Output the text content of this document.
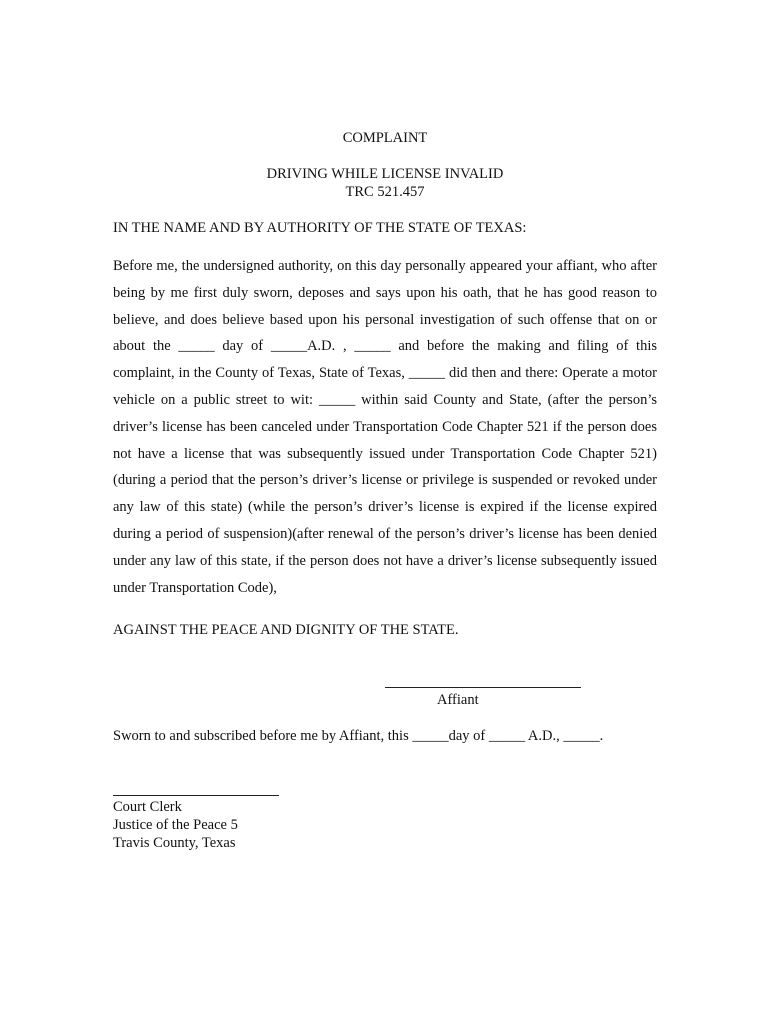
COMPLAINT
DRIVING WHILE LICENSE INVALID
TRC 521.457
IN THE NAME AND BY AUTHORITY OF THE STATE OF TEXAS:

Before me, the undersigned authority, on this day personally appeared your affiant, who after being by me first duly sworn, deposes and says upon his oath, that he has good reason to believe, and does believe based upon his personal investigation of such offense that on or about the _____ day of _____A.D. , _____ and before the making and filing of this complaint, in the County of Texas, State of Texas, _____ did then and there: Operate a motor vehicle on a public street to wit: _____ within said County and State, (after the person’s driver’s license has been canceled under Transportation Code Chapter 521 if the person does not have a license that was subsequently issued under Transportation Code Chapter 521) (during a period that the person’s driver’s license or privilege is suspended or revoked under any law of this state) (while the person’s driver’s license is expired if the license expired during a period of suspension)(after renewal of the person’s driver’s license has been denied under any law of this state, if the person does not have a driver’s license subsequently issued under Transportation Code),

AGAINST THE PEACE AND DIGNITY OF THE STATE.
Affiant
Sworn to and subscribed before me by Affiant, this _____day of _____ A.D., _____.
Court Clerk
Justice of the Peace 5
Travis County, Texas
